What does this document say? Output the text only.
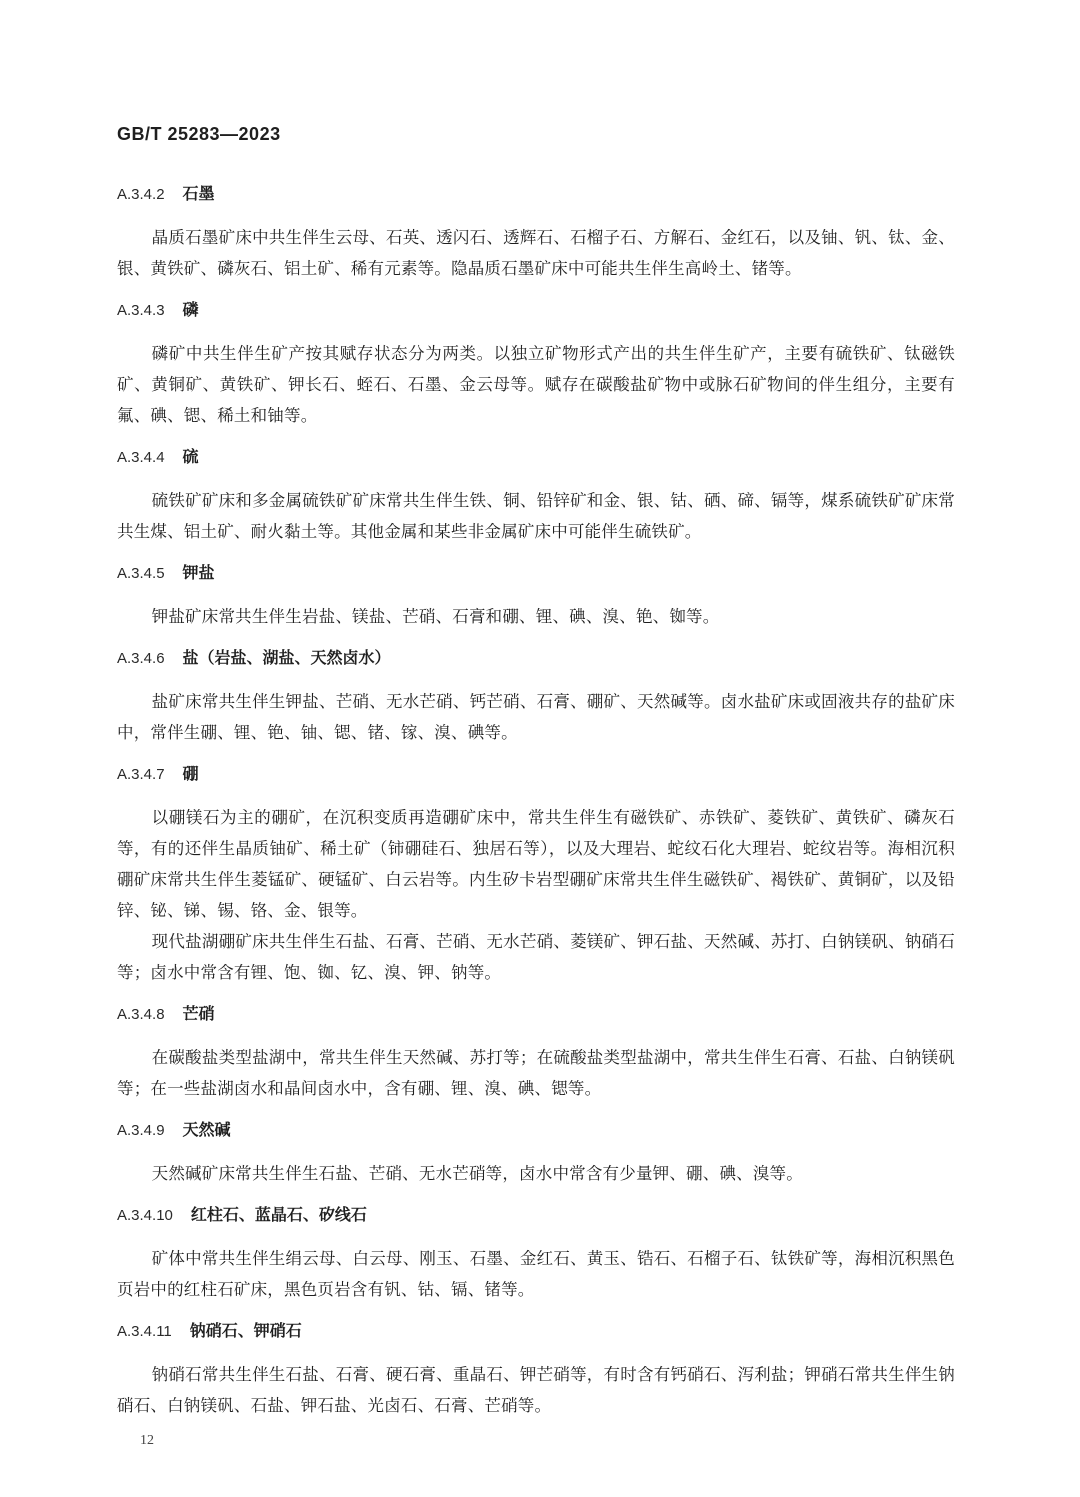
GB/T 25283—2023
A.3.4.2 石墨

晶质石墨矿床中共生伴生云母、石英、透闪石、透辉石、石榴子石、方解石、金红石，以及铀、钒、钛、金、银、黄铁矿、磷灰石、铝土矿、稀有元素等。隐晶质石墨矿床中可能共生伴生高岭土、锗等。

A.3.4.3 磷

磷矿中共生伴生矿产按其赋存状态分为两类。以独立矿物形式产出的共生伴生矿产，主要有硫铁矿、钛磁铁矿、黄铜矿、黄铁矿、钾长石、蛭石、石墨、金云母等。赋存在碳酸盐矿物中或脉石矿物间的伴生组分，主要有氟、碘、锶、稀土和铀等。

A.3.4.4 硫

硫铁矿矿床和多金属硫铁矿矿床常共生伴生铁、铜、铅锌矿和金、银、钴、硒、碲、镉等，煤系硫铁矿矿床常共生煤、铝土矿、耐火黏土等。其他金属和某些非金属矿床中可能伴生硫铁矿。

A.3.4.5 钾盐

钾盐矿床常共生伴生岩盐、镁盐、芒硝、石膏和硼、锂、碘、溴、铯、铷等。

A.3.4.6 盐（岩盐、湖盐、天然卤水）

盐矿床常共生伴生钾盐、芒硝、无水芒硝、钙芒硝、石膏、硼矿、天然碱等。卤水盐矿床或固液共存的盐矿床中，常伴生硼、锂、铯、铀、锶、锗、镓、溴、碘等。

A.3.4.7 硼

以硼镁石为主的硼矿，在沉积变质再造硼矿床中，常共生伴生有磁铁矿、赤铁矿、菱铁矿、黄铁矿、磷灰石等，有的还伴生晶质铀矿、稀土矿（铈硼硅石、独居石等），以及大理岩、蛇纹石化大理岩、蛇纹岩等。海相沉积硼矿床常共生伴生菱锰矿、硬锰矿、白云岩等。内生矽卡岩型硼矿床常共生伴生磁铁矿、褐铁矿、黄铜矿，以及铅锌、铋、锑、锡、铬、金、银等。

现代盐湖硼矿床共生伴生石盐、石膏、芒硝、无水芒硝、菱镁矿、钾石盐、天然碱、苏打、白钠镁矾、钠硝石等；卤水中常含有锂、饱、铷、钇、溴、钾、钠等。

A.3.4.8 芒硝

在碳酸盐类型盐湖中，常共生伴生天然碱、苏打等；在硫酸盐类型盐湖中，常共生伴生石膏、石盐、白钠镁矾等；在一些盐湖卤水和晶间卤水中，含有硼、锂、溴、碘、锶等。

A.3.4.9 天然碱

天然碱矿床常共生伴生石盐、芒硝、无水芒硝等，卤水中常含有少量钾、硼、碘、溴等。

A.3.4.10 红柱石、蓝晶石、矽线石

矿体中常共生伴生绢云母、白云母、刚玉、石墨、金红石、黄玉、锆石、石榴子石、钛铁矿等，海相沉积黑色页岩中的红柱石矿床，黑色页岩含有钒、钴、镉、锗等。

A.3.4.11 钠硝石、钾硝石

钠硝石常共生伴生石盐、石膏、硬石膏、重晶石、钾芒硝等，有时含有钙硝石、泻利盐；钾硝石常共生伴生钠硝石、白钠镁矾、石盐、钾石盐、光卤石、石膏、芒硝等。

12
